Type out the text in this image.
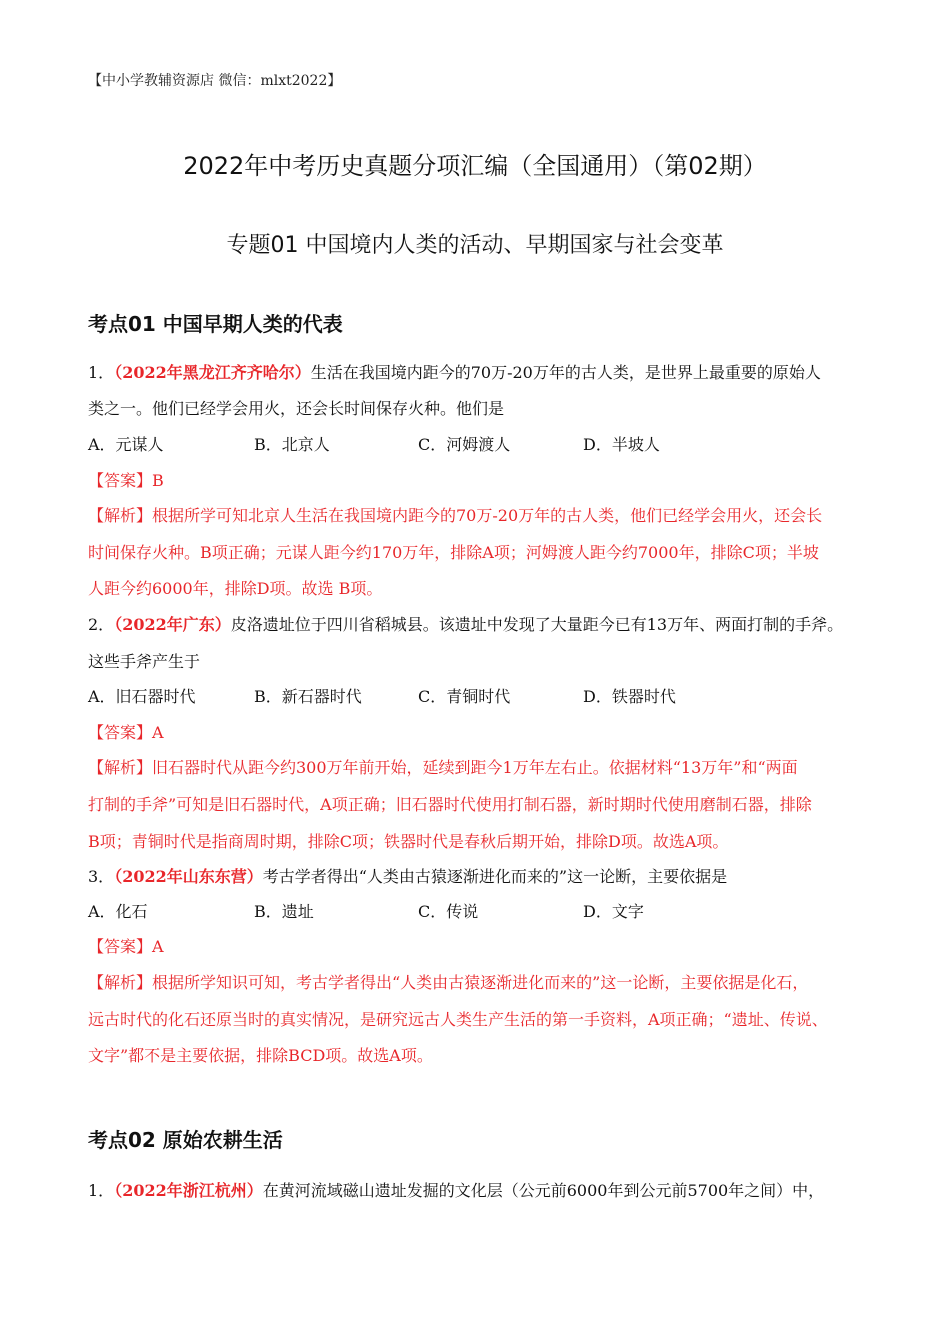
【中小学教辅资源店 微信：mlxt2022】
2022年中考历史真题分项汇编（全国通用）（第02期）
专题01 中国境内人类的活动、早期国家与社会变革
考点01 中国早期人类的代表
1．（2022年黑龙江齐齐哈尔）生活在我国境内距今的70万-20万年的古人类，是世界上最重要的原始人
类之一。他们已经学会用火，还会长时间保存火种。他们是
A．元谋人	B．北京人	C．河姆渡人	D．半坡人
【答案】B
【解析】根据所学可知北京人生活在我国境内距今的70万-20万年的古人类，他们已经学会用火，还会长
时间保存火种。B项正确；元谋人距今约170万年，排除A项；河姆渡人距今约7000年，排除C项；半坡
人距今约6000年，排除D项。故选 B项。
2．（2022年广东）皮洛遗址位于四川省稻城县。该遗址中发现了大量距今已有13万年、两面打制的手斧。
这些手斧产生于
A．旧石器时代	B．新石器时代	C．青铜时代	D．铁器时代
【答案】A
【解析】旧石器时代从距今约300万年前开始，延续到距今1万年左右止。依据材料“13万年”和“两面
打制的手斧”可知是旧石器时代，A项正确；旧石器时代使用打制石器，新时期时代使用磨制石器，排除
B项；青铜时代是指商周时期，排除C项；铁器时代是春秋后期开始，排除D项。故选A项。
3．（2022年山东东营）考古学者得出“人类由古猿逐渐进化而来的”这一论断，主要依据是
A．化石	B．遗址	C．传说	D．文字
【答案】A
【解析】根据所学知识可知，考古学者得出“人类由古猿逐渐进化而来的”这一论断，主要依据是化石，
远古时代的化石还原当时的真实情况，是研究远古人类生产生活的第一手资料，A项正确；“遗址、传说、
文字”都不是主要依据，排除BCD项。故选A项。
考点02 原始农耕生活
1．（2022年浙江杭州）在黄河流域磁山遗址发掘的文化层（公元前6000年到公元前5700年之间）中，
